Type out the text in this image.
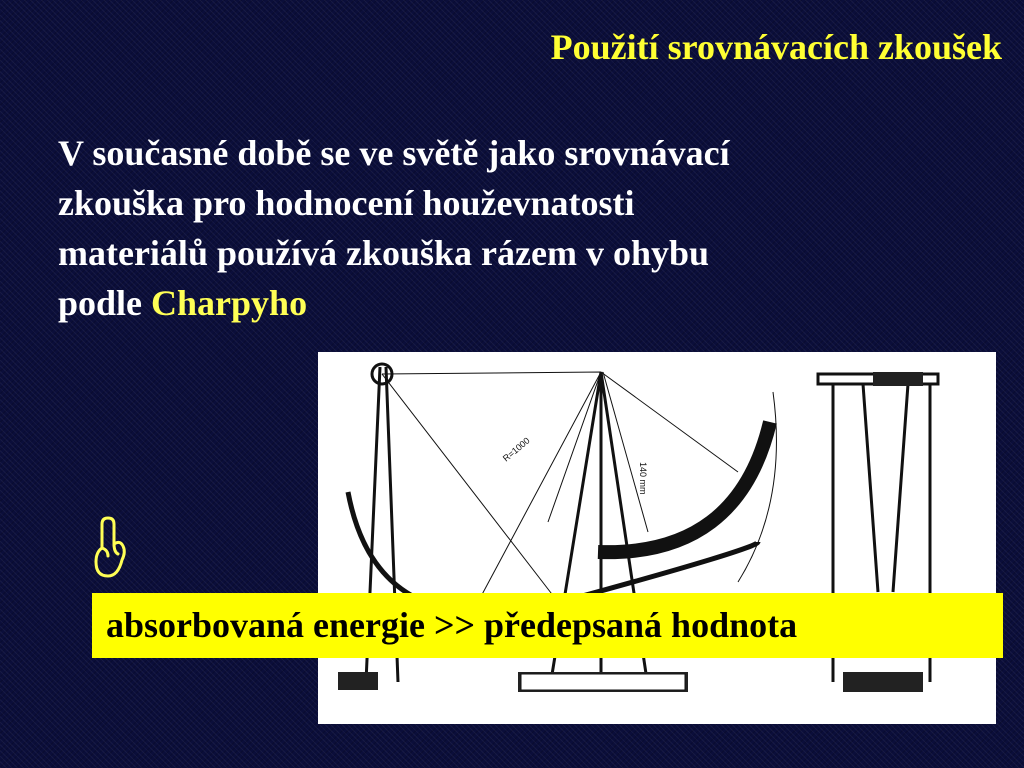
Použití srovnávacích zkoušek
V současné době se ve světě jako srovnávací
zkouška pro hodnocení houževnatosti
materiálů používá zkouška rázem v ohybu
podle Charpyho
R=1000
140 mm
absorbovaná energie >> předepsaná hodnota
